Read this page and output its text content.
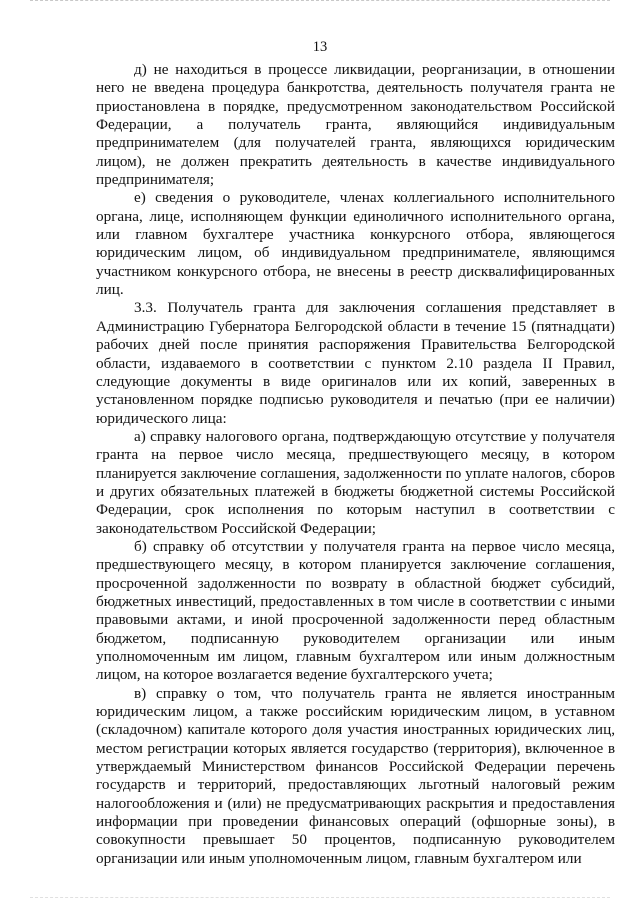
13

д) не находиться в процессе ликвидации, реорганизации, в отношении него не введена процедура банкротства, деятельность получателя гранта не приостановлена в порядке, предусмотренном законодательством Российской Федерации, а получатель гранта, являющийся индивидуальным предпринимателем (для получателей гранта, являющихся юридическим лицом), не должен прекратить деятельность в качестве индивидуального предпринимателя;

е) сведения о руководителе, членах коллегиального исполнительного органа, лице, исполняющем функции единоличного исполнительного органа, или главном бухгалтере участника конкурсного отбора, являющегося юридическим лицом, об индивидуальном предпринимателе, являющимся участником конкурсного отбора, не внесены в реестр дисквалифицированных лиц.

3.3. Получатель гранта для заключения соглашения представляет в Администрацию Губернатора Белгородской области в течение 15 (пятнадцати) рабочих дней после принятия распоряжения Правительства Белгородской области, издаваемого в соответствии с пунктом 2.10 раздела II Правил, следующие документы в виде оригиналов или их копий, заверенных в установленном порядке подписью руководителя и печатью (при ее наличии) юридического лица:

а) справку налогового органа, подтверждающую отсутствие у получателя гранта на первое число месяца, предшествующего месяцу, в котором планируется заключение соглашения, задолженности по уплате налогов, сборов и других обязательных платежей в бюджеты бюджетной системы Российской Федерации, срок исполнения по которым наступил в соответствии с законодательством Российской Федерации;

б) справку об отсутствии у получателя гранта на первое число месяца, предшествующего месяцу, в котором планируется заключение соглашения, просроченной задолженности по возврату в областной бюджет субсидий, бюджетных инвестиций, предоставленных в том числе в соответствии с иными правовыми актами, и иной просроченной задолженности перед областным бюджетом, подписанную руководителем организации или иным уполномоченным им лицом, главным бухгалтером или иным должностным лицом, на которое возлагается ведение бухгалтерского учета;

в) справку о том, что получатель гранта не является иностранным юридическим лицом, а также российским юридическим лицом, в уставном (складочном) капитале которого доля участия иностранных юридических лиц, местом регистрации которых является государство (территория), включенное в утверждаемый Министерством финансов Российской Федерации перечень государств и территорий, предоставляющих льготный налоговый режим налогообложения и (или) не предусматривающих раскрытия и предоставления информации при проведении финансовых операций (офшорные зоны), в совокупности превышает 50 процентов, подписанную руководителем организации или иным уполномоченным лицом, главным бухгалтером или
